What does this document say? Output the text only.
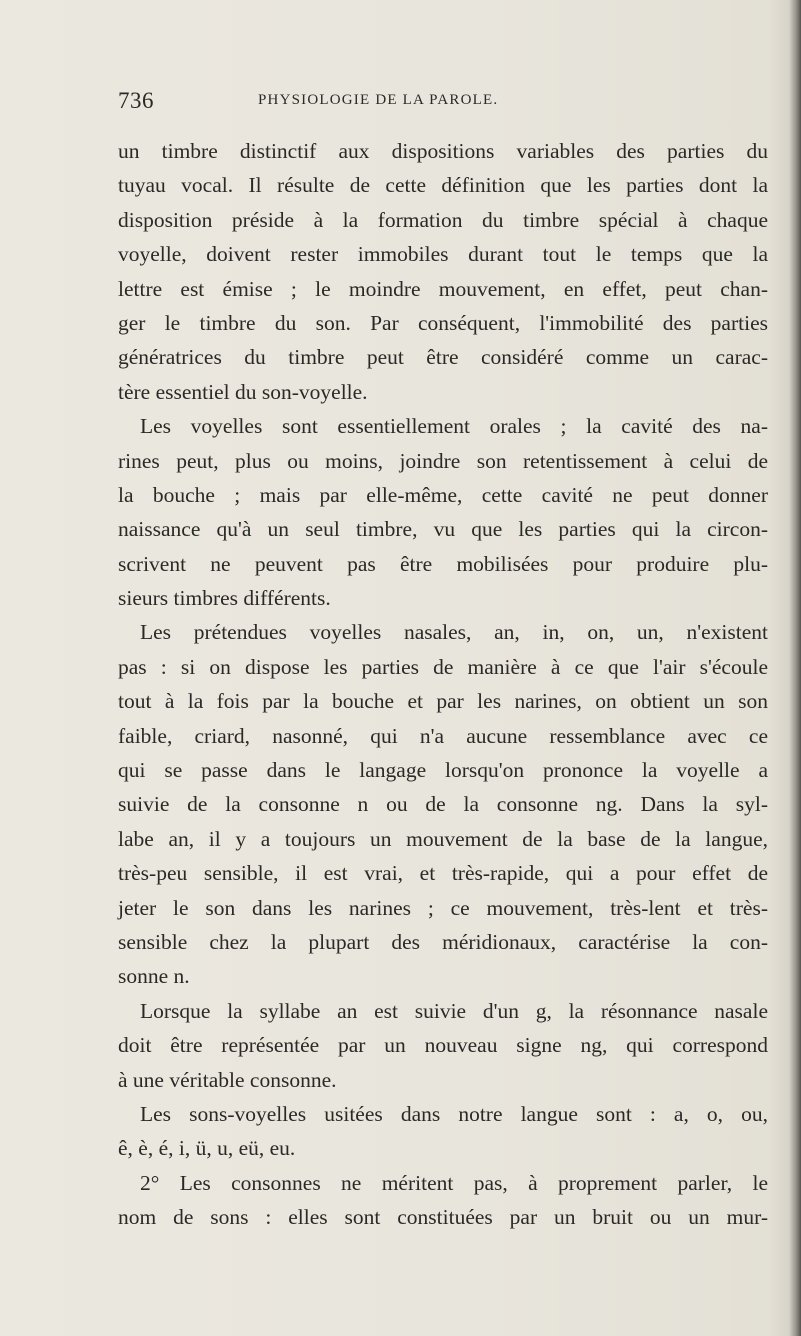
736	PHYSIOLOGIE DE LA PAROLE.
un timbre distinctif aux dispositions variables des parties du
tuyau vocal. Il résulte de cette définition que les parties dont la
disposition préside à la formation du timbre spécial à chaque
voyelle, doivent rester immobiles durant tout le temps que la
lettre est émise ; le moindre mouvement, en effet, peut chan-
ger le timbre du son. Par conséquent, l'immobilité des parties
génératrices du timbre peut être considéré comme un carac-
tère essentiel du son-voyelle.
Les voyelles sont essentiellement orales ; la cavité des na-
rines peut, plus ou moins, joindre son retentissement à celui de
la bouche ; mais par elle-même, cette cavité ne peut donner
naissance qu'à un seul timbre, vu que les parties qui la circon-
scrivent ne peuvent pas être mobilisées pour produire plu-
sieurs timbres différents.
Les prétendues voyelles nasales, an, in, on, un, n'existent
pas : si on dispose les parties de manière à ce que l'air s'écoule
tout à la fois par la bouche et par les narines, on obtient un son
faible, criard, nasonné, qui n'a aucune ressemblance avec ce
qui se passe dans le langage lorsqu'on prononce la voyelle a
suivie de la consonne n ou de la consonne ng. Dans la syl-
labe an, il y a toujours un mouvement de la base de la langue,
très-peu sensible, il est vrai, et très-rapide, qui a pour effet de
jeter le son dans les narines ; ce mouvement, très-lent et très-
sensible chez la plupart des méridionaux, caractérise la con-
sonne n.
Lorsque la syllabe an est suivie d'un g, la résonnance nasale
doit être représentée par un nouveau signe ng, qui correspond
à une véritable consonne.
Les sons-voyelles usitées dans notre langue sont : a, o, ou,
ê, è, é, i, ü, u, eü, eu.
2° Les consonnes ne méritent pas, à proprement parler, le
nom de sons : elles sont constituées par un bruit ou un mur-
